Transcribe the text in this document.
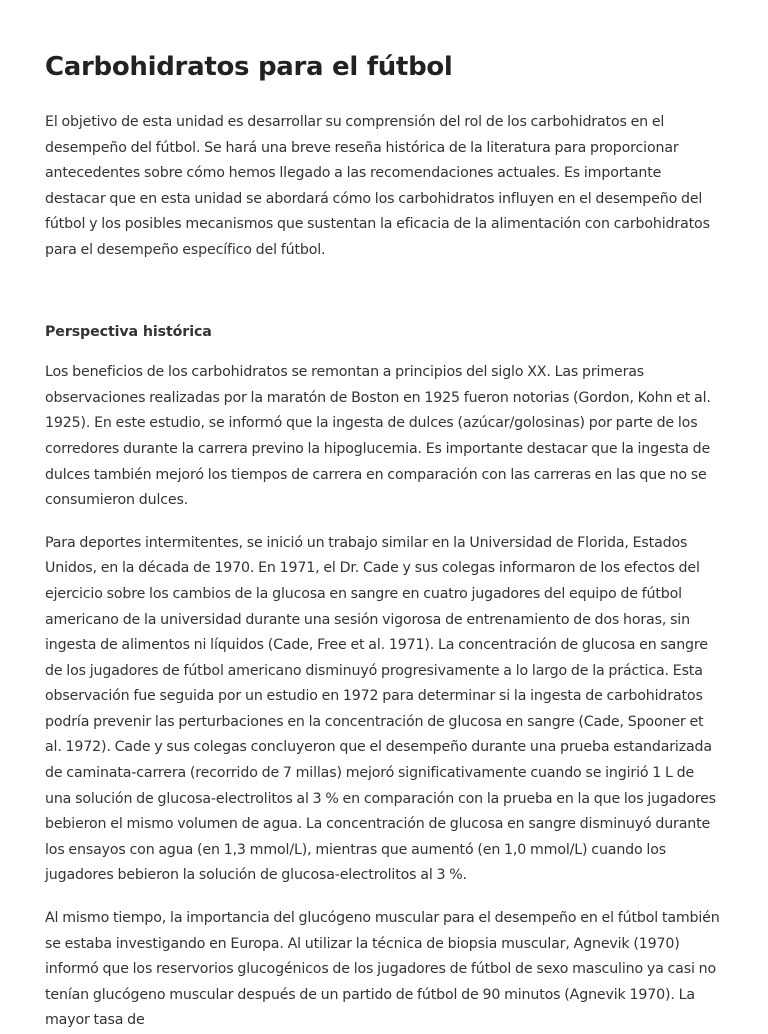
Carbohidratos para el fútbol

El objetivo de esta unidad es desarrollar su comprensión del rol de los carbohidratos en el desempeño del fútbol. Se hará una breve reseña histórica de la literatura para proporcionar antecedentes sobre cómo hemos llegado a las recomendaciones actuales. Es importante destacar que en esta unidad se abordará cómo los carbohidratos influyen en el desempeño del fútbol y los posibles mecanismos que sustentan la eficacia de la alimentación con carbohidratos para el desempeño específico del fútbol.

Perspectiva histórica

Los beneficios de los carbohidratos se remontan a principios del siglo XX. Las primeras observaciones realizadas por la maratón de Boston en 1925 fueron notorias (Gordon, Kohn et al. 1925). En este estudio, se informó que la ingesta de dulces (azúcar/golosinas) por parte de los corredores durante la carrera previno la hipoglucemia. Es importante destacar que la ingesta de dulces también mejoró los tiempos de carrera en comparación con las carreras en las que no se consumieron dulces.

Para deportes intermitentes, se inició un trabajo similar en la Universidad de Florida, Estados Unidos, en la década de 1970. En 1971, el Dr. Cade y sus colegas informaron de los efectos del ejercicio sobre los cambios de la glucosa en sangre en cuatro jugadores del equipo de fútbol americano de la universidad durante una sesión vigorosa de entrenamiento de dos horas, sin ingesta de alimentos ni líquidos (Cade, Free et al. 1971). La concentración de glucosa en sangre de los jugadores de fútbol americano disminuyó progresivamente a lo largo de la práctica. Esta observación fue seguida por un estudio en 1972 para determinar si la ingesta de carbohidratos podría prevenir las perturbaciones en la concentración de glucosa en sangre (Cade, Spooner et al. 1972). Cade y sus colegas concluyeron que el desempeño durante una prueba estandarizada de caminata-carrera (recorrido de 7 millas) mejoró significativamente cuando se ingirió 1 L de una solución de glucosa-electrolitos al 3 % en comparación con la prueba en la que los jugadores bebieron el mismo volumen de agua. La concentración de glucosa en sangre disminuyó durante los ensayos con agua (en 1,3 mmol/L), mientras que aumentó (en 1,0 mmol/L) cuando los jugadores bebieron la solución de glucosa-electrolitos al 3 %.

Al mismo tiempo, la importancia del glucógeno muscular para el desempeño en el fútbol también se estaba investigando en Europa. Al utilizar la técnica de biopsia muscular, Agnevik (1970) informó que los reservorios glucogénicos de los jugadores de fútbol de sexo masculino ya casi no tenían glucógeno muscular después de un partido de fútbol de 90 minutos (Agnevik 1970). La mayor tasa de
